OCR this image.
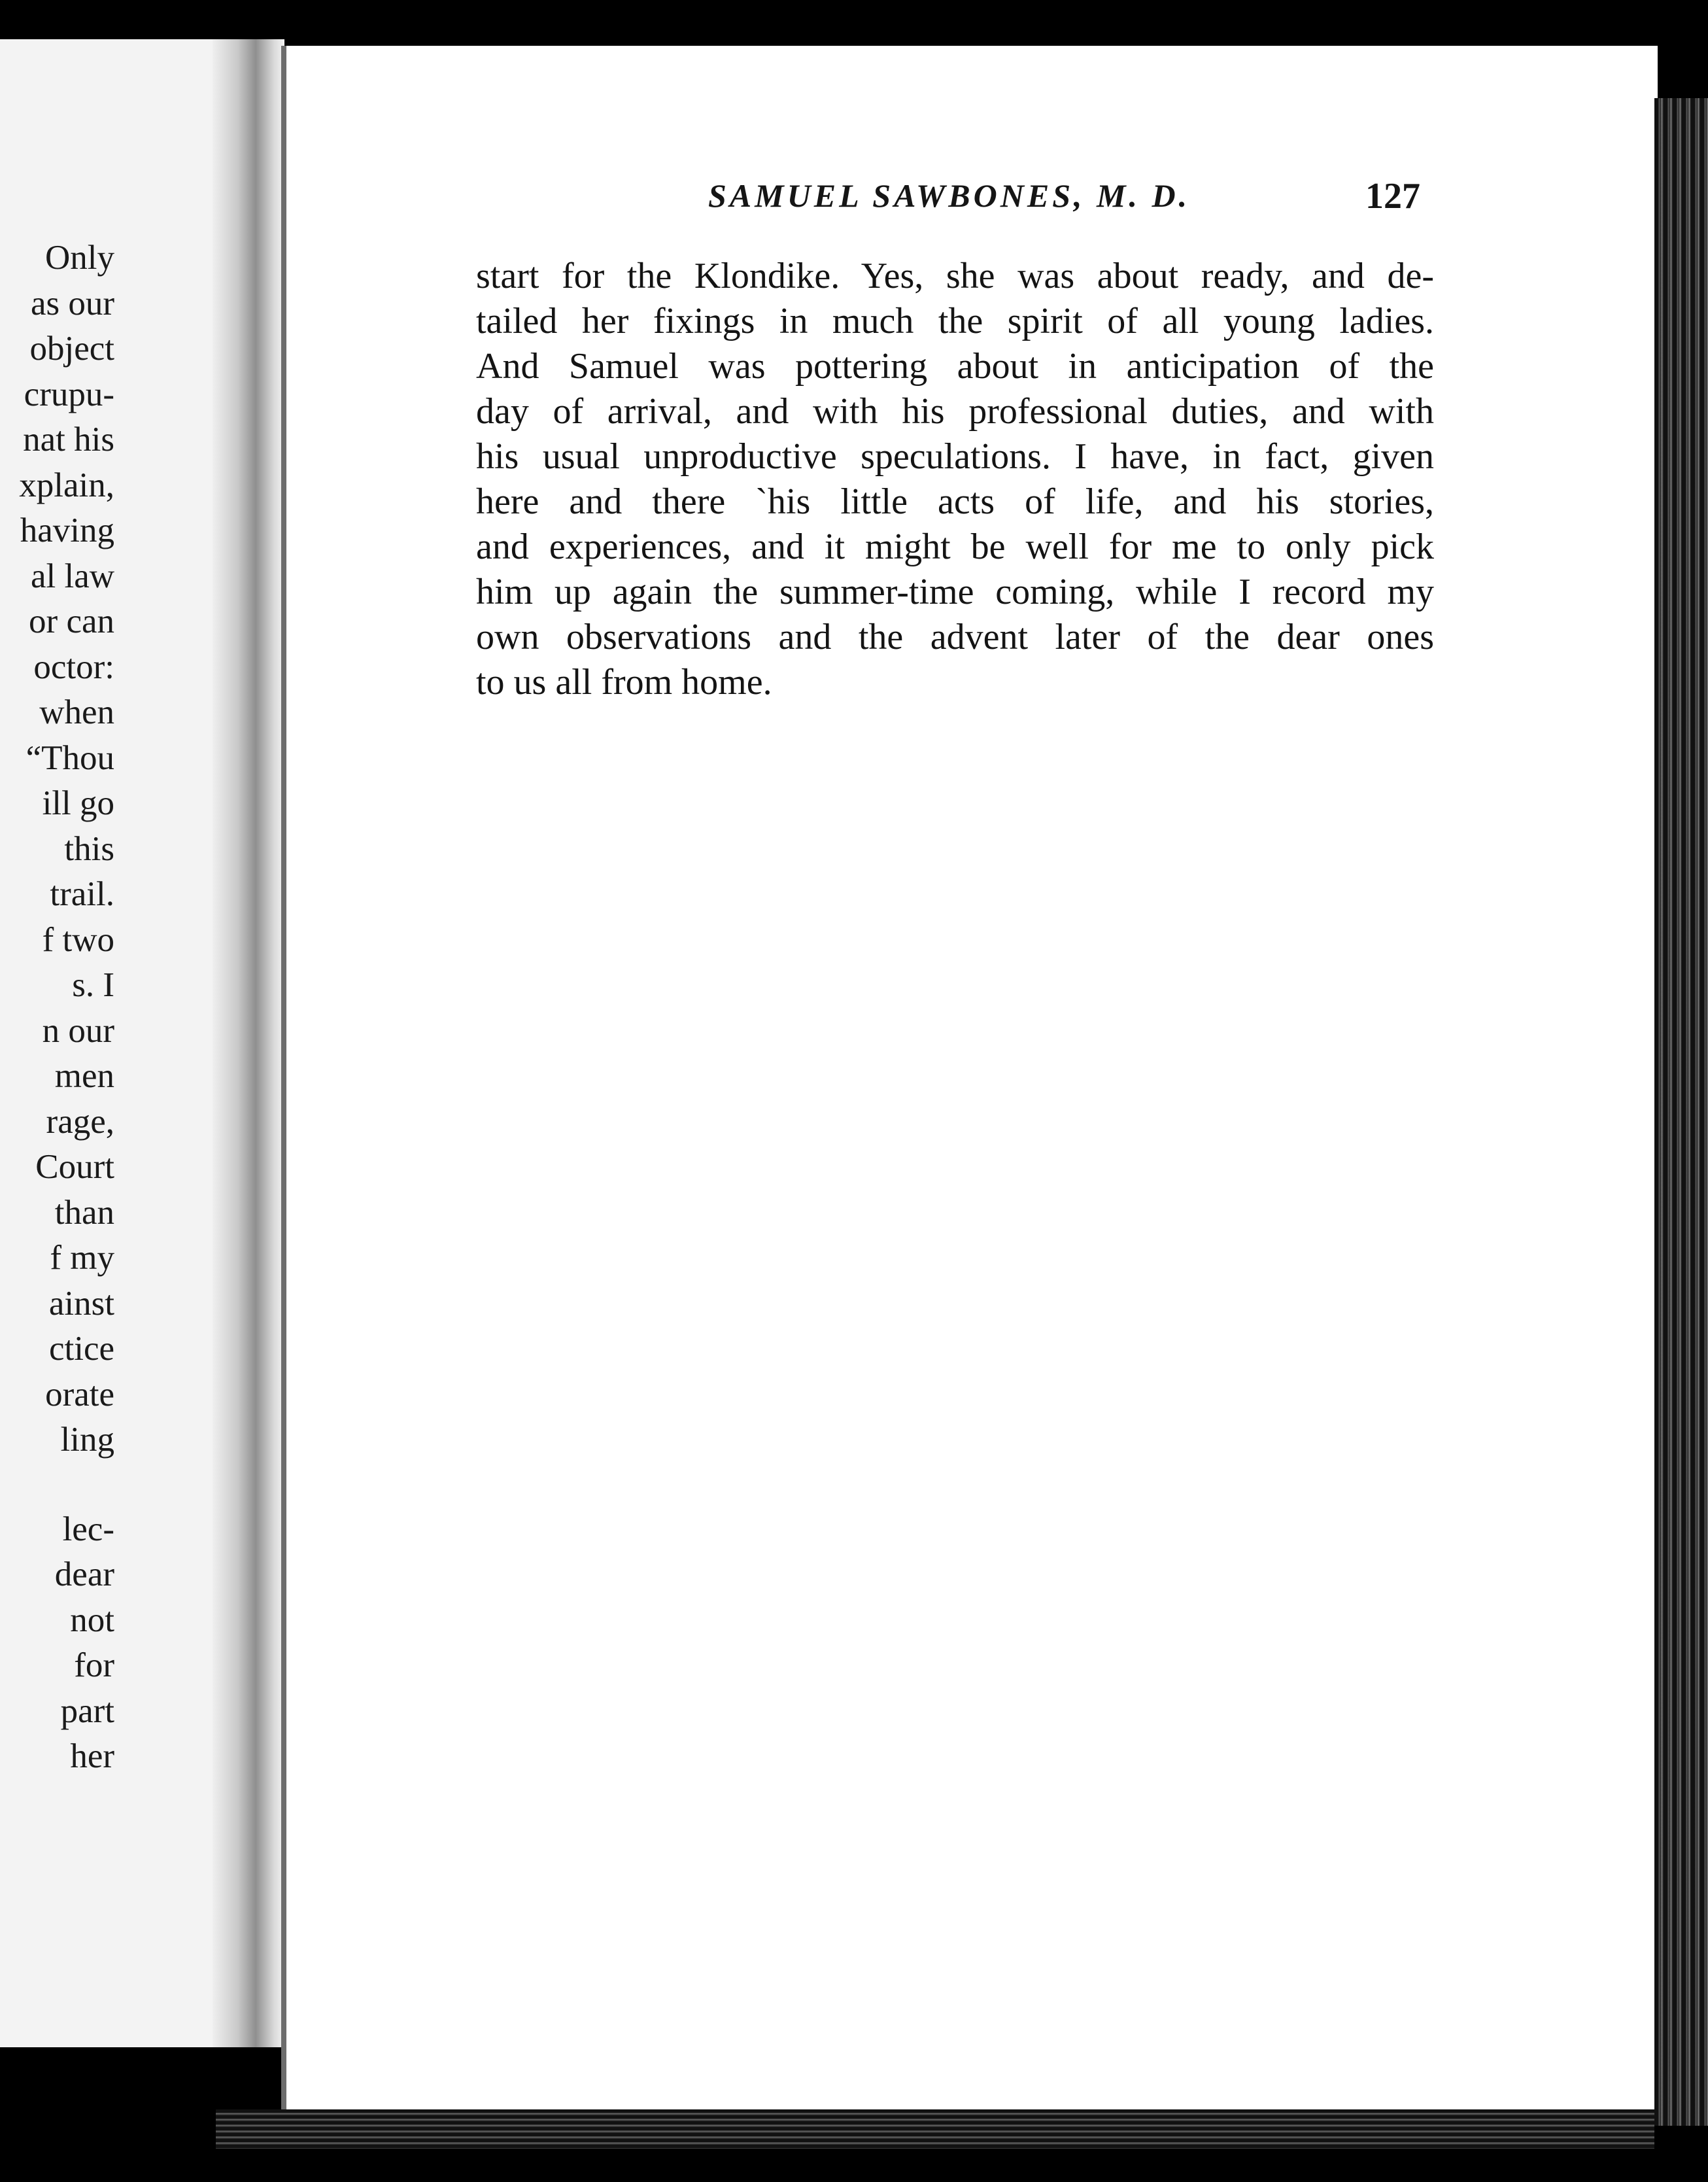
Only
as our
object
crupu-
nat his
xplain,
having
al law
or can
octor:
when
“Thou
ill go
this
trail.
f two
s. I
n our
men
rage,
Court
than
f my
ainst
ctice
orate
ling
lec-
dear
not
for
part
her
SAMUEL SAWBONES, M. D.	127
start for the Klondike. Yes, she was about ready, and de-
tailed her fixings in much the spirit of all young ladies.
And Samuel was pottering about in anticipation of the
day of arrival, and with his professional duties, and with
his usual unproductive speculations. I have, in fact, given
here and there `his little acts of life, and his stories,
and experiences, and it might be well for me to only pick
him up again the summer-time coming, while I record my
own observations and the advent later of the dear ones
to us all from home.
